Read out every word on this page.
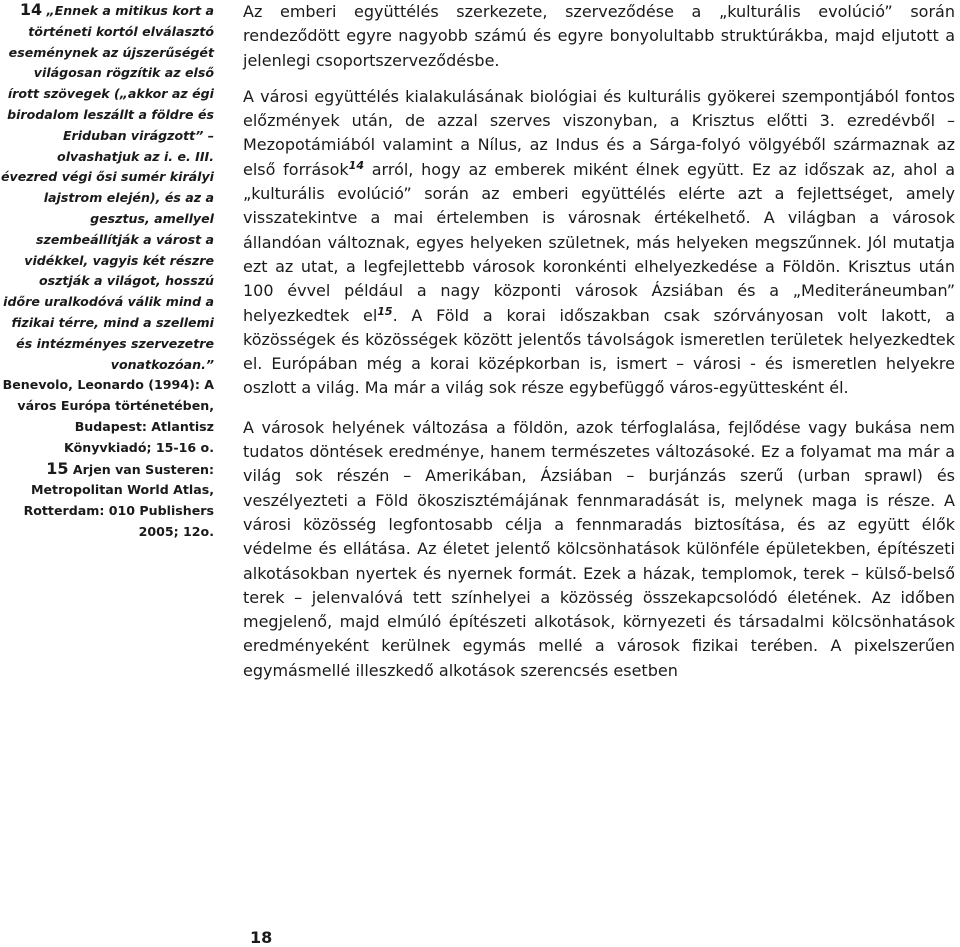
14 „Ennek a mitikus kort a történeti kortól elválasztó eseménynek az újszerűségét világosan rögzítik az első írott szövegek („akkor az égi birodalom leszállt a földre és Eriduban virágzott” – olvashatjuk az i. e. III. évezred végi ősi sumér királyi lajstrom elején), és az a gesztus, amellyel szembeállítják a várost a vidékkel, vagyis két részre osztják a világot, hosszú időre uralkodóvá válik mind a fizikai térre, mind a szellemi és intézményes szervezetre vonatkozóan.”

Benevolo, Leonardo (1994): A város Európa történetében, Budapest: Atlantisz Könyvkiadó; 15-16 o.

15 Arjen van Susteren: Metropolitan World Atlas, Rotterdam: 010 Publishers 2005; 12o.

Az emberi együttélés szerkezete, szerveződése a „kulturális evolúció” során rendeződött egyre nagyobb számú és egyre bonyolultabb struktúrákba, majd eljutott a jelenlegi csoportszerveződésbe.

A városi együttélés kialakulásának biológiai és kulturális gyökerei szempontjából fontos előzmények után, de azzal szerves viszonyban, a Krisztus előtti 3. ezredévből – Mezopotámiából valamint a Nílus, az Indus és a Sárga-folyó völgyéből származnak az első források$^{14}$ arról, hogy az emberek miként élnek együtt. Ez az időszak az, ahol a „kulturális evolúció” során az emberi együttélés elérte azt a fejlettséget, amely visszatekintve a mai értelemben is városnak értékelhető. A világban a városok állandóan változnak, egyes helyeken születnek, más helyeken megszűnnek. Jól mutatja ezt az utat, a legfejlettebb városok koronkénti elhelyezkedése a Földön. Krisztus után 100 évvel például a nagy központi városok Ázsiában és a „Mediteráneumban” helyezkedtek $el^{15}$. A Föld a korai időszakban csak szórványosan volt lakott, a közösségek és közösségek között jelentős távolságok ismeretlen területek helyezkedtek el. Európában még a korai középkorban is, ismert – városi - és ismeretlen helyekre oszlott a világ. Ma már a világ sok része egybefüggő város-együttesként él.

A városok helyének változása a földön, azok térfoglalása, fejlődése vagy bukása nem tudatos döntések eredménye, hanem természetes változásoké. Ez a folyamat ma már a világ sok részén – Amerikában, Ázsiában – burjánzás szerű (urban sprawl) és veszélyezteti a Föld ökoszisztémájának fennmaradását is, melynek maga is része. A városi közösség legfontosabb célja a fennmaradás biztosítása, és az együtt élők védelme és ellátása. Az életet jelentő kölcsönhatások különféle épületekben, építészeti alkotásokban nyertek és nyernek formát. Ezek a házak, templomok, terek – külső-belső terek – jelenvalóvá tett színhelyei a közösség összekapcsolódó életének. Az időben megjelenő, majd elmúló építészeti alkotások, környezeti és társadalmi kölcsönhatások eredményeként kerülnek egymás mellé a városok fizikai terében. A pixelszerűen egymásmellé illeszkedő alkotások szerencsés esetben

18
